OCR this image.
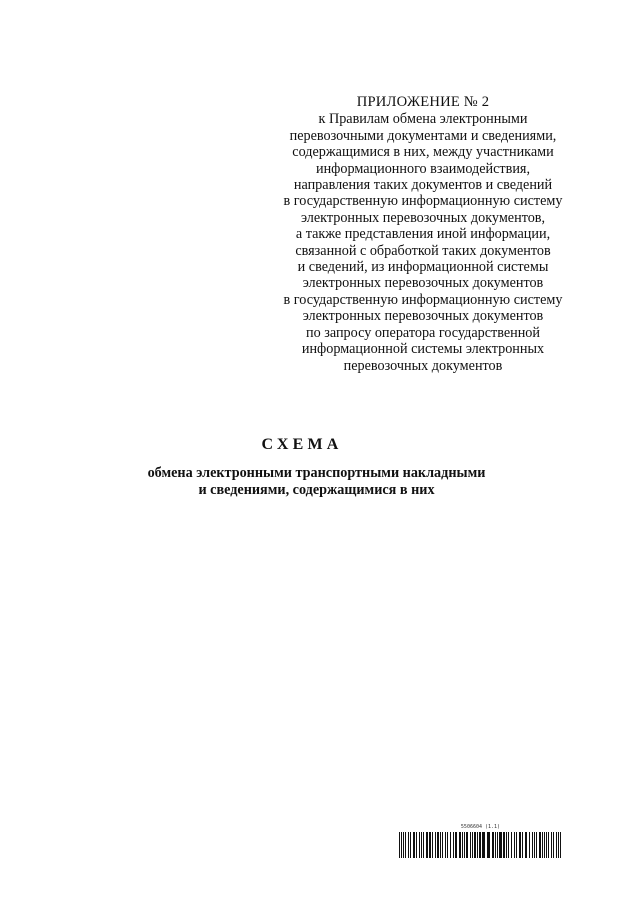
ПРИЛОЖЕНИЕ № 2
к Правилам обмена электронными
перевозочными документами и сведениями,
содержащимися в них, между участниками
информационного взаимодействия,
направления таких документов и сведений
в государственную информационную систему
электронных перевозочных документов,
а также представления иной информации,
связанной с обработкой таких документов
и сведений, из информационной системы
электронных перевозочных документов
в государственную информационную систему
электронных перевозочных документов
по запросу оператора государственной
информационной системы электронных
перевозочных документов
СХЕМА
обмена электронными транспортными накладными
и сведениями, содержащимися в них
5506604 (1.1)
